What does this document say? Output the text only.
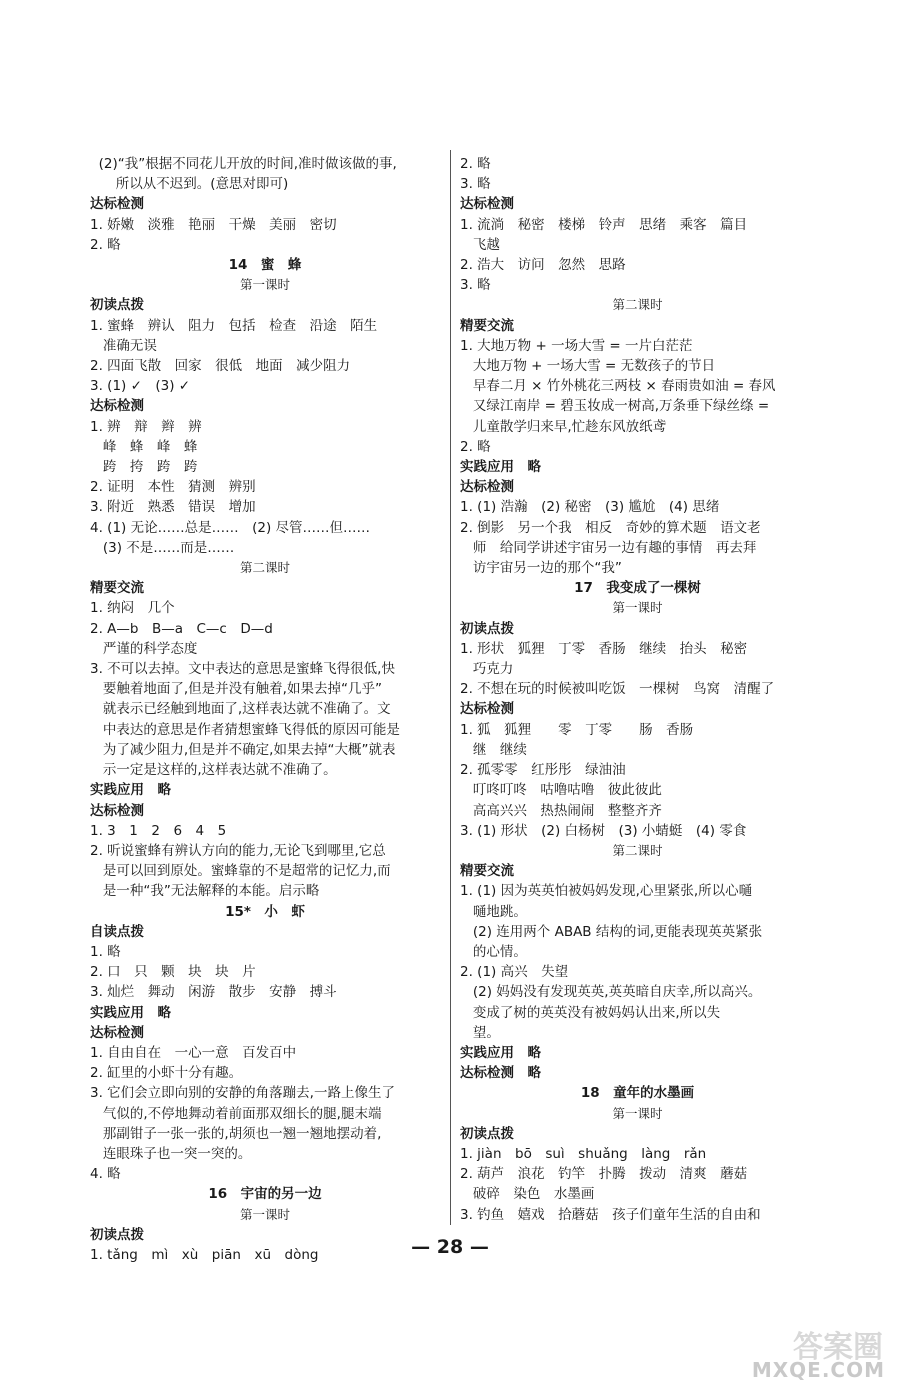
(2)“我”根据不同花儿开放的时间,准时做该做的事,
所以从不迟到。(意思对即可)
达标检测
1. 娇嫩　淡雅　艳丽　干燥　美丽　密切
2. 略
14　蜜　蜂
第一课时
初读点拨
1. 蜜蜂　辨认　阻力　包括　检查　沿途　陌生
准确无误
2. 四面飞散　回家　很低　地面　减少阻力
3. (1) ✓　(3) ✓
达标检测
1. 辨　辩　辫　辨
峰　蜂　峰　蜂
跨　挎　跨　跨
2. 证明　本性　猜测　辨别
3. 附近　熟悉　错误　增加
4. (1) 无论……总是……　(2) 尽管……但……
(3) 不是……而是……
第二课时
精要交流
1. 纳闷　几个
2. A—b　B—a　C—c　D—d
严谨的科学态度
3. 不可以去掉。文中表达的意思是蜜蜂飞得很低,快
要触着地面了,但是并没有触着,如果去掉“几乎”
就表示已经触到地面了,这样表达就不准确了。文
中表达的意思是作者猜想蜜蜂飞得低的原因可能是
为了减少阻力,但是并不确定,如果去掉“大概”就表
示一定是这样的,这样表达就不准确了。
实践应用　略
达标检测
1. 3　1　2　6　4　5
2. 听说蜜蜂有辨认方向的能力,无论飞到哪里,它总
是可以回到原处。蜜蜂靠的不是超常的记忆力,而
是一种“我”无法解释的本能。启示略
15*　小　虾
自读点拨
1. 略
2. 口　只　颗　块　块　片
3. 灿烂　舞动　闲游　散步　安静　搏斗
实践应用　略
达标检测
1. 自由自在　一心一意　百发百中
2. 缸里的小虾十分有趣。
3. 它们会立即向别的安静的角落蹦去,一路上像生了
气似的,不停地舞动着前面那双细长的腿,腿末端
那副钳子一张一张的,胡须也一翘一翘地摆动着,
连眼珠子也一突一突的。
4. 略
16　宇宙的另一边
第一课时
初读点拨
1. tǎng　mì　xù　piān　xū　dòng
2. 略
3. 略
达标检测
1. 流淌　秘密　楼梯　铃声　思绪　乘客　篇目
飞越
2. 浩大　访问　忽然　思路
3. 略
第二课时
精要交流
1. 大地万物 + 一场大雪 = 一片白茫茫
大地万物 + 一场大雪 = 无数孩子的节日
早春二月 × 竹外桃花三两枝 × 春雨贵如油 = 春风
又绿江南岸 = 碧玉妆成一树高,万条垂下绿丝绦 =
儿童散学归来早,忙趁东风放纸鸢
2. 略
实践应用　略
达标检测
1. (1) 浩瀚　(2) 秘密　(3) 尴尬　(4) 思绪
2. 倒影　另一个我　相反　奇妙的算术题　语文老
师　给同学讲述宇宙另一边有趣的事情　再去拜
访宇宙另一边的那个“我”
17　我变成了一棵树
第一课时
初读点拨
1. 形状　狐狸　丁零　香肠　继续　抬头　秘密
巧克力
2. 不想在玩的时候被叫吃饭　一棵树　鸟窝　清醒了
达标检测
1. 狐　狐狸　　零　丁零　　肠　香肠
继　继续
2. 孤零零　红彤彤　绿油油
叮咚叮咚　咕噜咕噜　彼此彼此
高高兴兴　热热闹闹　整整齐齐
3. (1) 形状　(2) 白杨树　(3) 小蜻蜓　(4) 零食
第二课时
精要交流
1. (1) 因为英英怕被妈妈发现,心里紧张,所以心嗵
嗵地跳。
(2) 连用两个 ABAB 结构的词,更能表现英英紧张
的心情。
2. (1) 高兴　失望
(2) 妈妈没有发现英英,英英暗自庆幸,所以高兴。
变成了树的英英没有被妈妈认出来,所以失
望。
实践应用　略
达标检测　略
18　童年的水墨画
第一课时
初读点拨
1. jiàn　bō　suì　shuǎng　làng　rǎn
2. 葫芦　浪花　钓竿　扑腾　拨动　清爽　蘑菇
破碎　染色　水墨画
3. 钓鱼　嬉戏　拾蘑菇　孩子们童年生活的自由和
— 28 —
答案圈
MXQE.COM
